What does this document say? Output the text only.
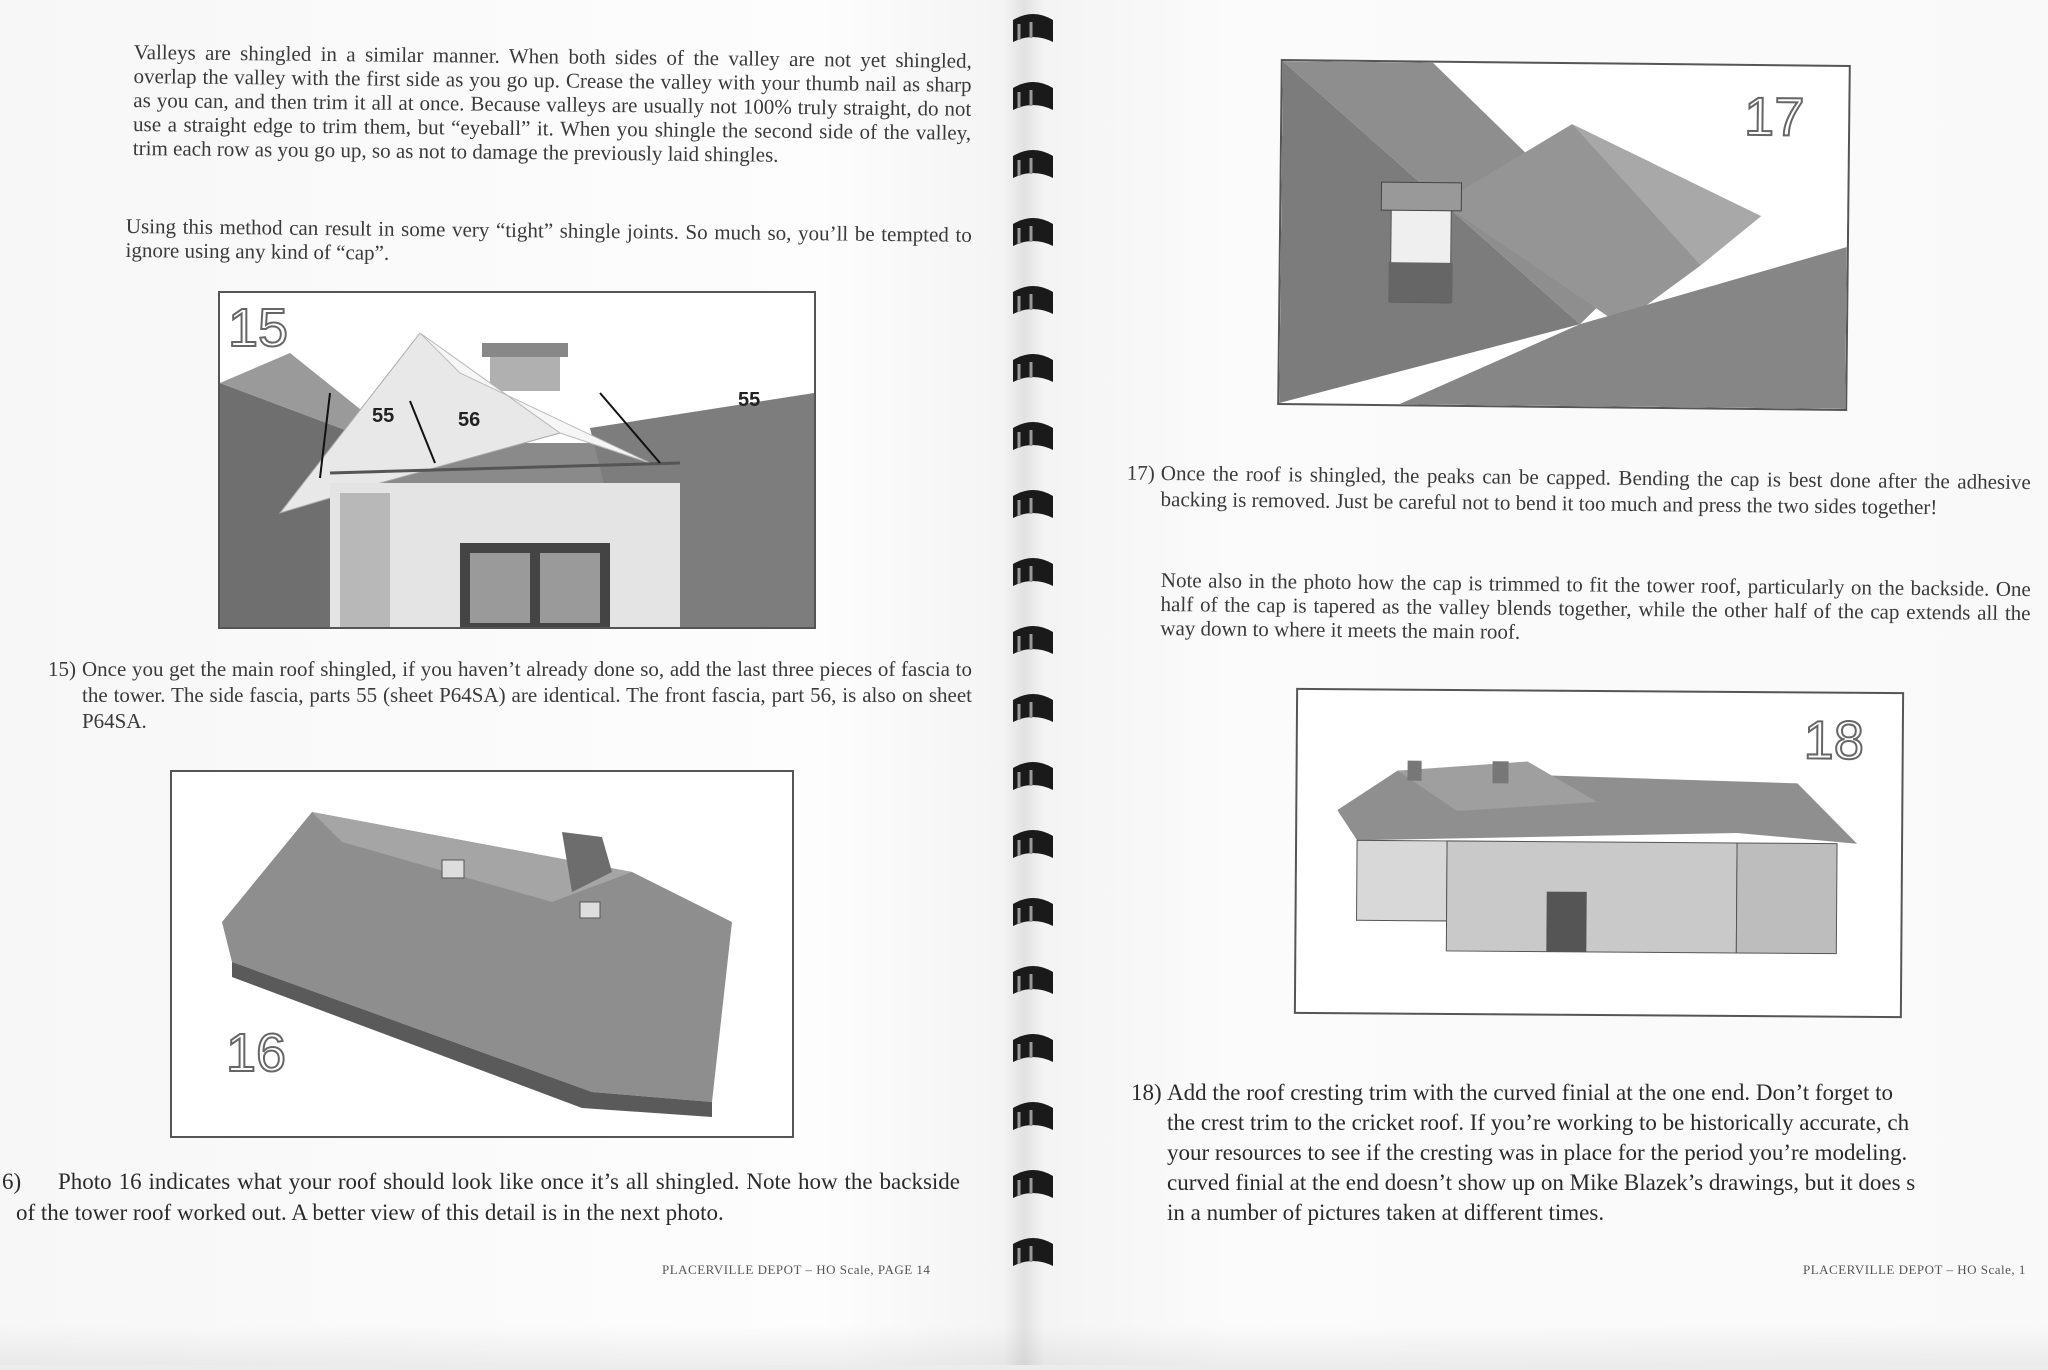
Valleys are shingled in a similar manner. When both sides of the valley are not yet shingled, overlap the valley with the first side as you go up. Crease the valley with your thumb nail as sharp as you can, and then trim it all at once. Because valleys are usually not 100% truly straight, do not use a straight edge to trim them, but “eyeball” it. When you shingle the second side of the valley, trim each row as you go up, so as not to damage the previously laid shingles.

Using this method can result in some very “tight” shingle joints. So much so, you’ll be tempted to ignore using any kind of “cap”.

15
55	56
55
15) Once you get the main roof shingled, if you haven’t already done so, add the last three pieces of fascia to the tower. The side fascia, parts 55 (sheet P64SA) are identical. The front fascia, part 56, is also on sheet P64SA.
16
6) Photo 16 indicates what your roof should look like once it’s all shingled. Note how the backside of the tower roof worked out. A better view of this detail is in the next photo.
PLACERVILLE DEPOT – HO Scale, PAGE 14
17
17) Once the roof is shingled, the peaks can be capped. Bending the cap is best done after the adhesive backing is removed. Just be careful not to bend it too much and press the two sides together!

Note also in the photo how the cap is trimmed to fit the tower roof, particularly on the backside. One half of the cap is tapered as the valley blends together, while the other half of the cap extends all the way down to where it meets the main roof.

18
18) Add the roof cresting trim with the curved finial at the one end. Don’t forget to
the crest trim to the cricket roof. If you’re working to be historically accurate, ch
your resources to see if the cresting was in place for the period you’re modeling.
curved finial at the end doesn’t show up on Mike Blazek’s drawings, but it does s
in a number of pictures taken at different times.
PLACERVILLE DEPOT – HO Scale, 1
